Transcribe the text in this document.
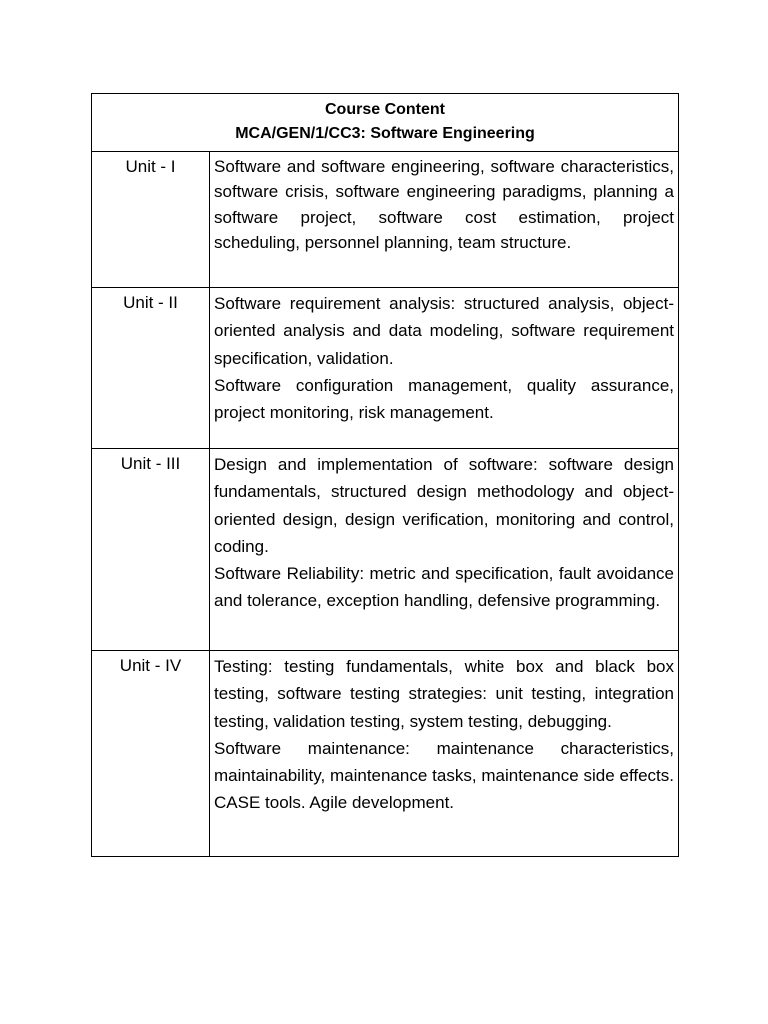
Course Content
MCA/GEN/1/CC3: Software Engineering	

Unit - I	Software and software engineering, software characteristics, software crisis, software engineering paradigms, planning a software project, software cost estimation, project scheduling, personnel planning, team structure.

Unit - II	Software requirement analysis: structured analysis, object-oriented analysis and data modeling, software requirement specification, validation.
Software configuration management, quality assurance, project monitoring, risk management.

Unit - III	Design and implementation of software: software design fundamentals, structured design methodology and object-oriented design, design verification, monitoring and control, coding.
Software Reliability: metric and specification, fault avoidance and tolerance, exception handling, defensive programming.

Unit - IV	Testing: testing fundamentals, white box and black box testing, software testing strategies: unit testing, integration testing, validation testing, system testing, debugging.
Software maintenance: maintenance characteristics, maintainability, maintenance tasks, maintenance side effects. CASE tools. Agile development.
